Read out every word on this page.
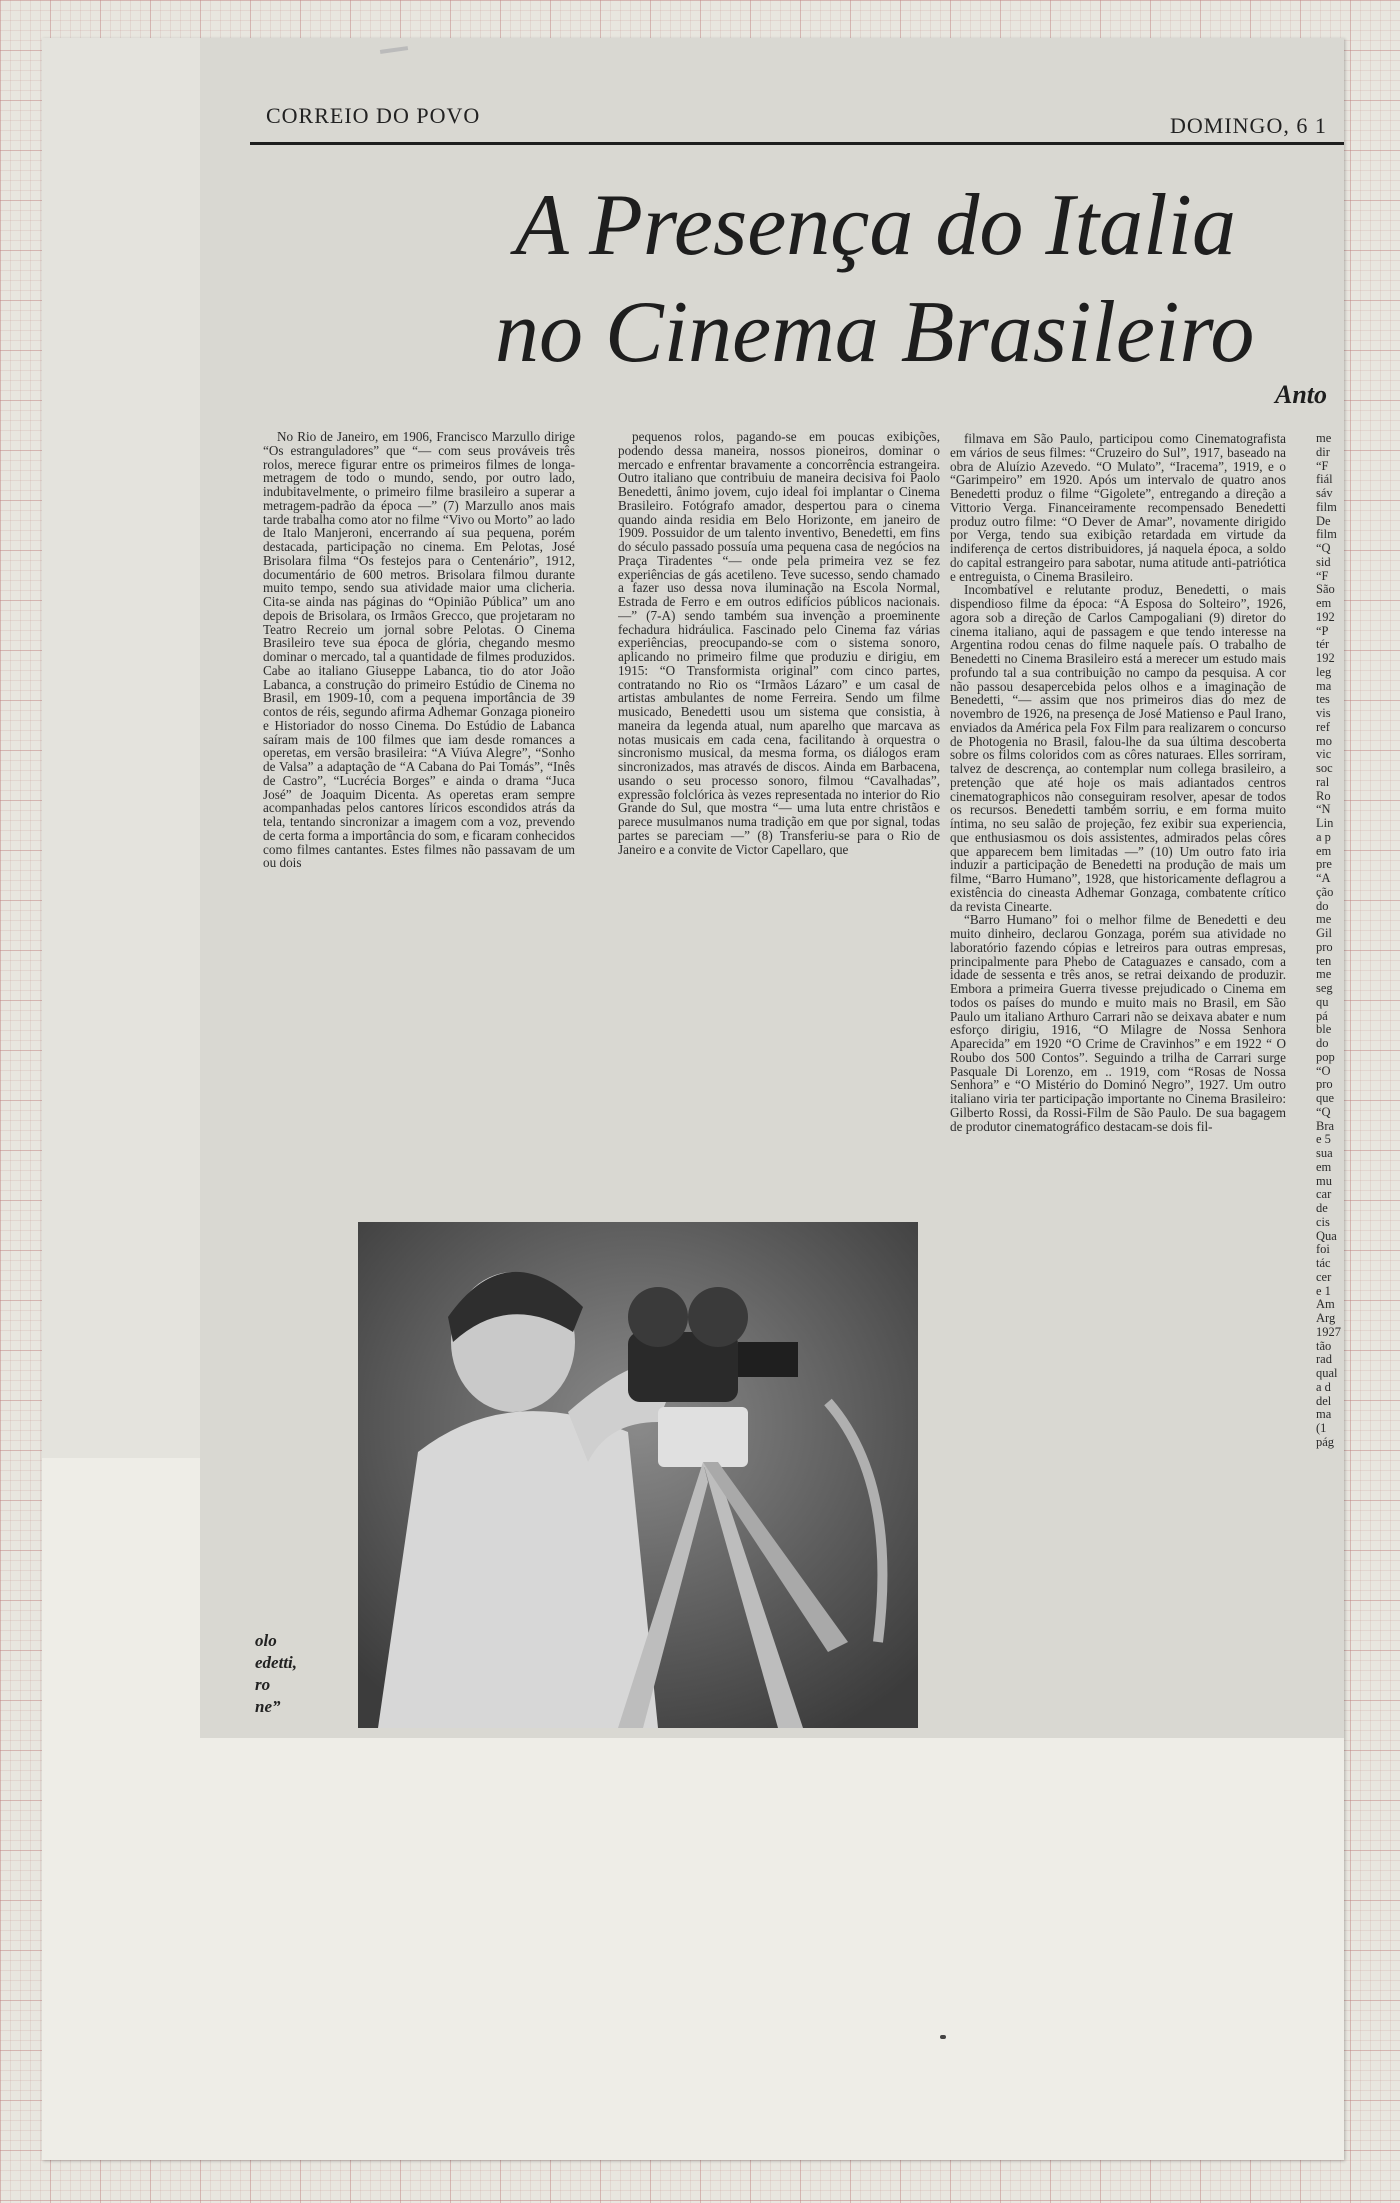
CORREIO DO POVO	DOMINGO, 6 1
A Presença do Italia
no Cinema Brasileiro
Anto

No Rio de Janeiro, em 1906, Francisco Marzullo dirige “Os estranguladores” que “— com seus prováveis três rolos, merece figurar entre os primeiros filmes de longa-metragem de todo o mundo, sendo, por outro lado, indubitavelmente, o primeiro filme brasileiro a superar a metragem-padrão da época —” (7) Marzullo anos mais tarde trabalha como ator no filme “Vivo ou Morto” ao lado de Italo Manjeroni, encerrando aí sua pequena, porém destacada, participação no cinema. Em Pelotas, José Brisolara filma “Os festejos para o Centenário”, 1912, documentário de 600 metros. Brisolara filmou durante muito tempo, sendo sua atividade maior uma clicheria. Cita-se ainda nas páginas do “Opinião Pública” um ano depois de Brisolara, os Irmãos Grecco, que projetaram no Teatro Recreio um jornal sobre Pelotas. O Cinema Brasileiro teve sua época de glória, chegando mesmo dominar o mercado, tal a quantidade de filmes produzidos. Cabe ao italiano Giuseppe Labanca, tio do ator João Labanca, a construção do primeiro Estúdio de Cinema no Brasil, em 1909-10, com a pequena importância de 39 contos de réis, segundo afirma Adhemar Gonzaga pioneiro e Historiador do nosso Cinema. Do Estúdio de Labanca saíram mais de 100 filmes que iam desde romances a operetas, em versão brasileira: “A Viúva Alegre”, “Sonho de Valsa” a adaptação de “A Cabana do Pai Tomás”, “Inês de Castro”, “Lucrécia Borges” e ainda o drama “Juca José” de Joaquim Dicenta. As operetas eram sempre acompanhadas pelos cantores líricos escondidos atrás da tela, tentando sincronizar a imagem com a voz, prevendo de certa forma a importância do som, e ficaram conhecidos como filmes cantantes. Estes filmes não passavam de um ou dois

pequenos rolos, pagando-se em poucas exibições, podendo dessa maneira, nossos pioneiros, dominar o mercado e enfrentar bravamente a concorrência estrangeira. Outro italiano que contribuiu de maneira decisiva foi Paolo Benedetti, ânimo jovem, cujo ideal foi implantar o Cinema Brasileiro. Fotógrafo amador, despertou para o cinema quando ainda residia em Belo Horizonte, em janeiro de 1909. Possuidor de um talento inventivo, Benedetti, em fins do século passado possuía uma pequena casa de negócios na Praça Tiradentes “— onde pela primeira vez se fez experiências de gás acetileno. Teve sucesso, sendo chamado a fazer uso dessa nova iluminação na Escola Normal, Estrada de Ferro e em outros edifícios públicos nacionais. —” (7-A) sendo também sua invenção a proeminente fechadura hidráulica. Fascinado pelo Cinema faz várias experiências, preocupando-se com o sistema sonoro, aplicando no primeiro filme que produziu e dirigiu, em 1915: “O Transformista original” com cinco partes, contratando no Rio os “Irmãos Lázaro” e um casal de artistas ambulantes de nome Ferreira. Sendo um filme musicado, Benedetti usou um sistema que consistia, à maneira da legenda atual, num aparelho que marcava as notas musicais em cada cena, facilitando à orquestra o sincronismo musical, da mesma forma, os diálogos eram sincronizados, mas através de discos. Ainda em Barbacena, usando o seu processo sonoro, filmou “Cavalhadas”, expressão folclórica às vezes representada no interior do Rio Grande do Sul, que mostra “— uma luta entre christãos e parece musulmanos numa tradição em que por signal, todas partes se pareciam —” (8) Transferiu-se para o Rio de Janeiro e a convite de Victor Capellaro, que

filmava em São Paulo, participou como Cinematografista em vários de seus filmes: “Cruzeiro do Sul”, 1917, baseado na obra de Aluízio Azevedo. “O Mulato”, “Iracema”, 1919, e o “Garimpeiro” em 1920. Após um intervalo de quatro anos Benedetti produz o filme “Gigolete”, entregando a direção a Vittorio Verga. Financeiramente recompensado Benedetti produz outro filme: “O Dever de Amar”, novamente dirigido por Verga, tendo sua exibição retardada em virtude da indiferença de certos distribuidores, já naquela época, a soldo do capital estrangeiro para sabotar, numa atitude anti-patriótica e entreguista, o Cinema Brasileiro.

Incombatível e relutante produz, Benedetti, o mais dispendioso filme da época: “A Esposa do Solteiro”, 1926, agora sob a direção de Carlos Campogaliani (9) diretor do cinema italiano, aqui de passagem e que tendo interesse na Argentina rodou cenas do filme naquele país. O trabalho de Benedetti no Cinema Brasileiro está a merecer um estudo mais profundo tal a sua contribuição no campo da pesquisa. A cor não passou desapercebida pelos olhos e a imaginação de Benedetti, “— assim que nos primeiros dias do mez de novembro de 1926, na presença de José Matienso e Paul Irano, enviados da América pela Fox Film para realizarem o concurso de Photogenia no Brasil, falou-lhe da sua última descoberta sobre os films coloridos com as côres naturaes. Elles sorriram, talvez de descrença, ao contemplar num collega brasileiro, a pretenção que até hoje os mais adiantados centros cinematographicos não conseguiram resolver, apesar de todos os recursos. Benedetti também sorriu, e em forma muito íntima, no seu salão de projeção, fez exibir sua experiencia, que enthusiasmou os dois assistentes, admirados pelas côres que apparecem bem limitadas —” (10) Um outro fato iria induzir a participação de Benedetti na produção de mais um filme, “Barro Humano”, 1928, que historicamente deflagrou a existência do cineasta Adhemar Gonzaga, combatente crítico da revista Cinearte.

“Barro Humano” foi o melhor filme de Benedetti e deu muito dinheiro, declarou Gonzaga, porém sua atividade no laboratório fazendo cópias e letreiros para outras empresas, principalmente para Phebo de Cataguazes e cansado, com a idade de sessenta e três anos, se retrai deixando de produzir. Embora a primeira Guerra tivesse prejudicado o Cinema em todos os países do mundo e muito mais no Brasil, em São Paulo um italiano Arthuro Carrari não se deixava abater e num esforço dirigiu, 1916, “O Milagre de Nossa Senhora Aparecida” em 1920 “O Crime de Cravinhos” e em 1922 “ O Roubo dos 500 Contos”. Seguindo a trilha de Carrari surge Pasquale Di Lorenzo, em .. 1919, com “Rosas de Nossa Senhora” e “O Mistério do Dominó Negro”, 1927. Um outro italiano viria ter participação importante no Cinema Brasileiro: Gilberto Rossi, da Rossi-Film de São Paulo. De sua bagagem de produtor cinematográfico destacam-se dois fil-

me
dir
“F
fiál
sáv
film
De
film
“Q
sid
“F
São
em
192
“P
tér
192
leg
ma
tes
vis
ref
mo
vic
soc
ral
Ro
“N
Lin
a p
em
pre
“A
ção
do
me
Gil
pro
ten
me
seg
qu
pá
ble
do
pop
“O
pro
que
“Q
Bra
e 5
sua
em
mu
car
de
cis
Qua
foi
tác
cer
e 1
Am
Arg
1927
tão
rad
qual
a d
del
ma
(1
pág
olo
edetti,
ro
ne”
